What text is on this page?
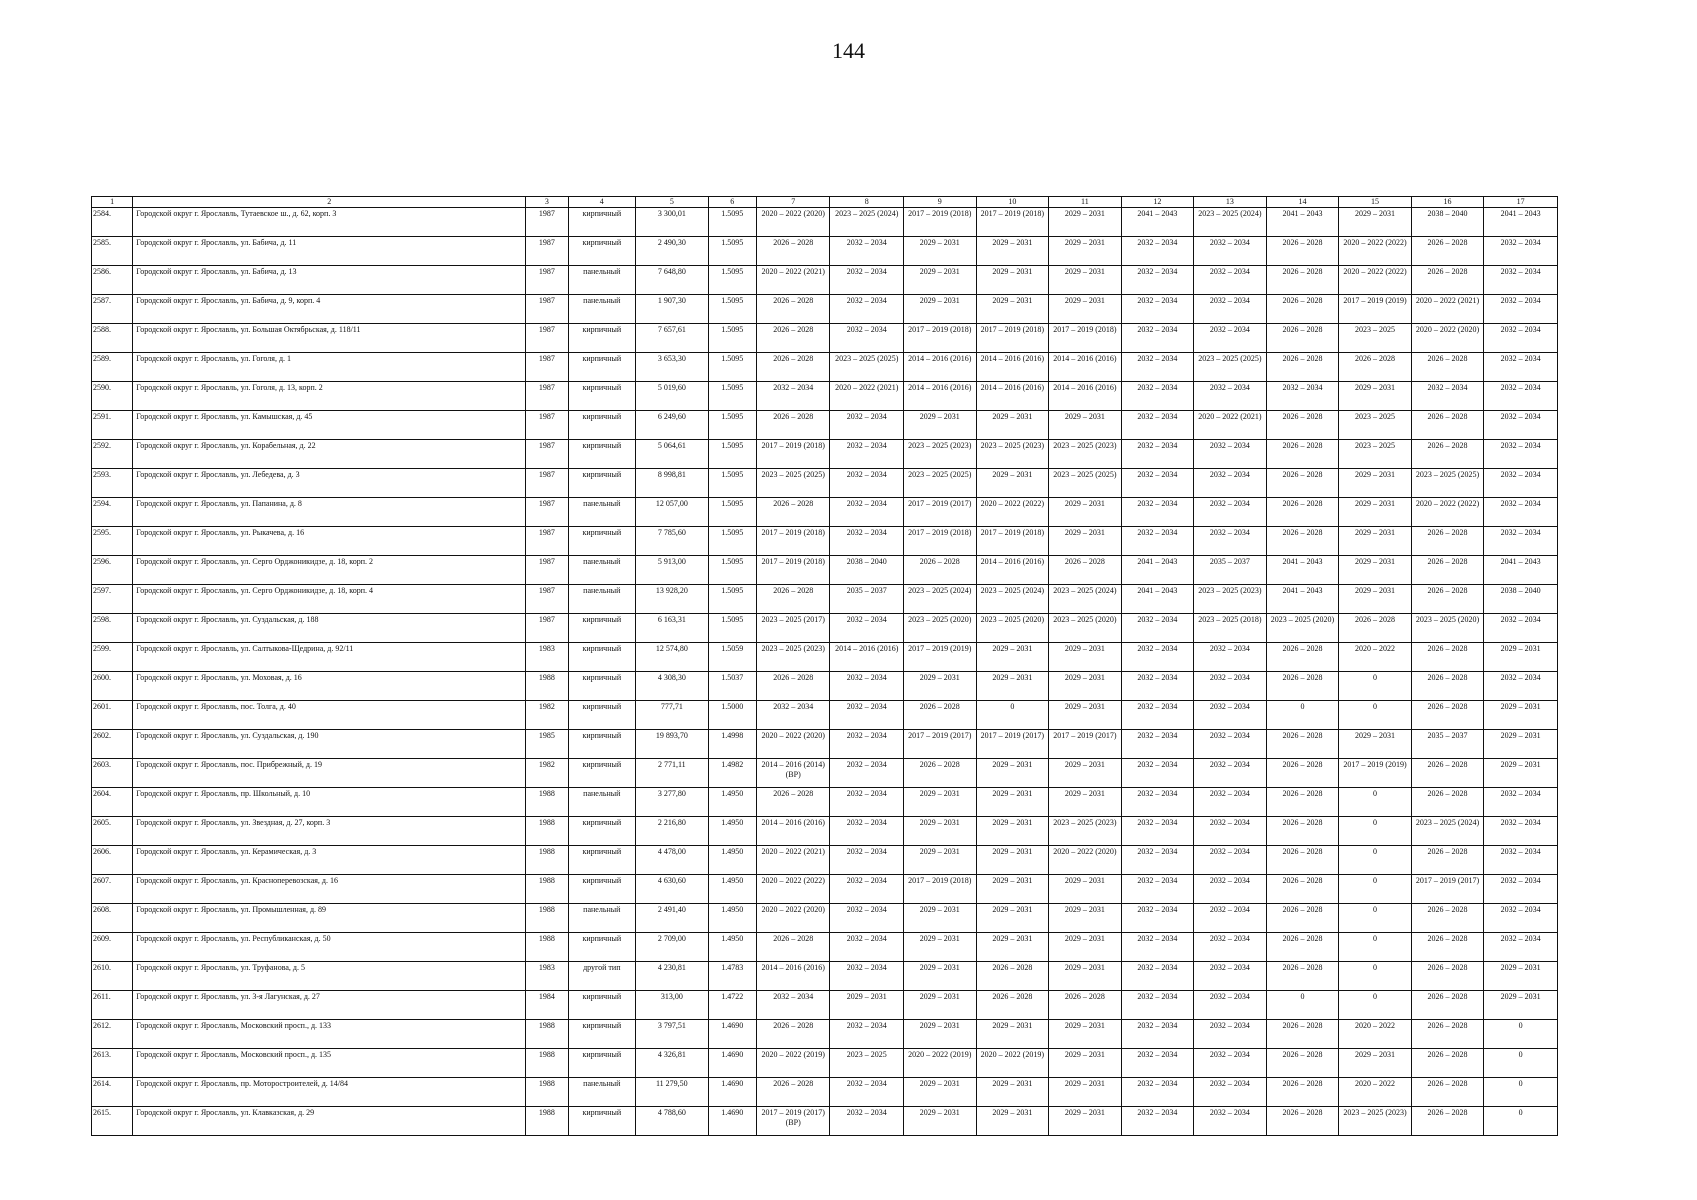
144
1	2	3	4	5	6	7	8	9	10	11	12	13	14	15	16	17
2584.	Городской округ г. Ярославль, Тутаевское ш., д. 62, корп. 3	1987	кирпичный	3 300,01	1.5095	2020 – 2022 (2020)	2023 – 2025 (2024)	2017 – 2019 (2018)	2017 – 2019 (2018)	2029 – 2031	2041 – 2043	2023 – 2025 (2024)	2041 – 2043	2029 – 2031	2038 – 2040	2041 – 2043
2585.	Городской округ г. Ярославль, ул. Бабича, д. 11	1987	кирпичный	2 490,30	1.5095	2026 – 2028	2032 – 2034	2029 – 2031	2029 – 2031	2029 – 2031	2032 – 2034	2032 – 2034	2026 – 2028	2020 – 2022 (2022)	2026 – 2028	2032 – 2034
2586.	Городской округ г. Ярославль, ул. Бабича, д. 13	1987	панельный	7 648,80	1.5095	2020 – 2022 (2021)	2032 – 2034	2029 – 2031	2029 – 2031	2029 – 2031	2032 – 2034	2032 – 2034	2026 – 2028	2020 – 2022 (2022)	2026 – 2028	2032 – 2034
2587.	Городской округ г. Ярославль, ул. Бабича, д. 9, корп. 4	1987	панельный	1 907,30	1.5095	2026 – 2028	2032 – 2034	2029 – 2031	2029 – 2031	2029 – 2031	2032 – 2034	2032 – 2034	2026 – 2028	2017 – 2019 (2019)	2020 – 2022 (2021)	2032 – 2034
2588.	Городской округ г. Ярославль, ул. Большая Октябрьская, д. 118/11	1987	кирпичный	7 657,61	1.5095	2026 – 2028	2032 – 2034	2017 – 2019 (2018)	2017 – 2019 (2018)	2017 – 2019 (2018)	2032 – 2034	2032 – 2034	2026 – 2028	2023 – 2025	2020 – 2022 (2020)	2032 – 2034
2589.	Городской округ г. Ярославль, ул. Гоголя, д. 1	1987	кирпичный	3 653,30	1.5095	2026 – 2028	2023 – 2025 (2025)	2014 – 2016 (2016)	2014 – 2016 (2016)	2014 – 2016 (2016)	2032 – 2034	2023 – 2025 (2025)	2026 – 2028	2026 – 2028	2026 – 2028	2032 – 2034
2590.	Городской округ г. Ярославль, ул. Гоголя, д. 13, корп. 2	1987	кирпичный	5 019,60	1.5095	2032 – 2034	2020 – 2022 (2021)	2014 – 2016 (2016)	2014 – 2016 (2016)	2014 – 2016 (2016)	2032 – 2034	2032 – 2034	2032 – 2034	2029 – 2031	2032 – 2034	2032 – 2034
2591.	Городской округ г. Ярославль, ул. Камышская, д. 45	1987	кирпичный	6 249,60	1.5095	2026 – 2028	2032 – 2034	2029 – 2031	2029 – 2031	2029 – 2031	2032 – 2034	2020 – 2022 (2021)	2026 – 2028	2023 – 2025	2026 – 2028	2032 – 2034
2592.	Городской округ г. Ярославль, ул. Корабельная, д. 22	1987	кирпичный	5 064,61	1.5095	2017 – 2019 (2018)	2032 – 2034	2023 – 2025 (2023)	2023 – 2025 (2023)	2023 – 2025 (2023)	2032 – 2034	2032 – 2034	2026 – 2028	2023 – 2025	2026 – 2028	2032 – 2034
2593.	Городской округ г. Ярославль, ул. Лебедева, д. 3	1987	кирпичный	8 998,81	1.5095	2023 – 2025 (2025)	2032 – 2034	2023 – 2025 (2025)	2029 – 2031	2023 – 2025 (2025)	2032 – 2034	2032 – 2034	2026 – 2028	2029 – 2031	2023 – 2025 (2025)	2032 – 2034
2594.	Городской округ г. Ярославль, ул. Папанина, д. 8	1987	панельный	12 057,00	1.5095	2026 – 2028	2032 – 2034	2017 – 2019 (2017)	2020 – 2022 (2022)	2029 – 2031	2032 – 2034	2032 – 2034	2026 – 2028	2029 – 2031	2020 – 2022 (2022)	2032 – 2034
2595.	Городской округ г. Ярославль, ул. Рыкачева, д. 16	1987	кирпичный	7 785,60	1.5095	2017 – 2019 (2018)	2032 – 2034	2017 – 2019 (2018)	2017 – 2019 (2018)	2029 – 2031	2032 – 2034	2032 – 2034	2026 – 2028	2029 – 2031	2026 – 2028	2032 – 2034
2596.	Городской округ г. Ярославль, ул. Серго Орджоникидзе, д. 18, корп. 2	1987	панельный	5 913,00	1.5095	2017 – 2019 (2018)	2038 – 2040	2026 – 2028	2014 – 2016 (2016)	2026 – 2028	2041 – 2043	2035 – 2037	2041 – 2043	2029 – 2031	2026 – 2028	2041 – 2043
2597.	Городской округ г. Ярославль, ул. Серго Орджоникидзе, д. 18, корп. 4	1987	панельный	13 928,20	1.5095	2026 – 2028	2035 – 2037	2023 – 2025 (2024)	2023 – 2025 (2024)	2023 – 2025 (2024)	2041 – 2043	2023 – 2025 (2023)	2041 – 2043	2029 – 2031	2026 – 2028	2038 – 2040
2598.	Городской округ г. Ярославль, ул. Суздальская, д. 188	1987	кирпичный	6 163,31	1.5095	2023 – 2025 (2017)	2032 – 2034	2023 – 2025 (2020)	2023 – 2025 (2020)	2023 – 2025 (2020)	2032 – 2034	2023 – 2025 (2018)	2023 – 2025 (2020)	2026 – 2028	2023 – 2025 (2020)	2032 – 2034
2599.	Городской округ г. Ярославль, ул. Салтыкова-Щедрина, д. 92/11	1983	кирпичный	12 574,80	1.5059	2023 – 2025 (2023)	2014 – 2016 (2016)	2017 – 2019 (2019)	2029 – 2031	2029 – 2031	2032 – 2034	2032 – 2034	2026 – 2028	2020 – 2022	2026 – 2028	2029 – 2031
2600.	Городской округ г. Ярославль, ул. Моховая, д. 16	1988	кирпичный	4 308,30	1.5037	2026 – 2028	2032 – 2034	2029 – 2031	2029 – 2031	2029 – 2031	2032 – 2034	2032 – 2034	2026 – 2028	0	2026 – 2028	2032 – 2034
2601.	Городской округ г. Ярославль, пос. Толга, д. 40	1982	кирпичный	777,71	1.5000	2032 – 2034	2032 – 2034	2026 – 2028	0	2029 – 2031	2032 – 2034	2032 – 2034	0	0	2026 – 2028	2029 – 2031
2602.	Городской округ г. Ярославль, ул. Суздальская, д. 190	1985	кирпичный	19 893,70	1.4998	2020 – 2022 (2020)	2032 – 2034	2017 – 2019 (2017)	2017 – 2019 (2017)	2017 – 2019 (2017)	2032 – 2034	2032 – 2034	2026 – 2028	2029 – 2031	2035 – 2037	2029 – 2031
2603.	Городской округ г. Ярославль, пос. Прибрежный, д. 19	1982	кирпичный	2 771,11	1.4982	2014 – 2016 (2014) (ВР)	2032 – 2034	2026 – 2028	2029 – 2031	2029 – 2031	2032 – 2034	2032 – 2034	2026 – 2028	2017 – 2019 (2019)	2026 – 2028	2029 – 2031
2604.	Городской округ г. Ярославль, пр. Школьный, д. 10	1988	панельный	3 277,80	1.4950	2026 – 2028	2032 – 2034	2029 – 2031	2029 – 2031	2029 – 2031	2032 – 2034	2032 – 2034	2026 – 2028	0	2026 – 2028	2032 – 2034
2605.	Городской округ г. Ярославль, ул. Звездная, д. 27, корп. 3	1988	кирпичный	2 216,80	1.4950	2014 – 2016 (2016)	2032 – 2034	2029 – 2031	2029 – 2031	2023 – 2025 (2023)	2032 – 2034	2032 – 2034	2026 – 2028	0	2023 – 2025 (2024)	2032 – 2034
2606.	Городской округ г. Ярославль, ул. Керамическая, д. 3	1988	кирпичный	4 478,00	1.4950	2020 – 2022 (2021)	2032 – 2034	2029 – 2031	2029 – 2031	2020 – 2022 (2020)	2032 – 2034	2032 – 2034	2026 – 2028	0	2026 – 2028	2032 – 2034
2607.	Городской округ г. Ярославль, ул. Красноперевозская, д. 16	1988	кирпичный	4 630,60	1.4950	2020 – 2022 (2022)	2032 – 2034	2017 – 2019 (2018)	2029 – 2031	2029 – 2031	2032 – 2034	2032 – 2034	2026 – 2028	0	2017 – 2019 (2017)	2032 – 2034
2608.	Городской округ г. Ярославль, ул. Промышленная, д. 89	1988	панельный	2 491,40	1.4950	2020 – 2022 (2020)	2032 – 2034	2029 – 2031	2029 – 2031	2029 – 2031	2032 – 2034	2032 – 2034	2026 – 2028	0	2026 – 2028	2032 – 2034
2609.	Городской округ г. Ярославль, ул. Республиканская, д. 50	1988	кирпичный	2 709,00	1.4950	2026 – 2028	2032 – 2034	2029 – 2031	2029 – 2031	2029 – 2031	2032 – 2034	2032 – 2034	2026 – 2028	0	2026 – 2028	2032 – 2034
2610.	Городской округ г. Ярославль, ул. Труфанова, д. 5	1983	другой тип	4 230,81	1.4783	2014 – 2016 (2016)	2032 – 2034	2029 – 2031	2026 – 2028	2029 – 2031	2032 – 2034	2032 – 2034	2026 – 2028	0	2026 – 2028	2029 – 2031
2611.	Городской округ г. Ярославль, ул. 3-я Лагунская, д. 27	1984	кирпичный	313,00	1.4722	2032 – 2034	2029 – 2031	2029 – 2031	2026 – 2028	2026 – 2028	2032 – 2034	2032 – 2034	0	0	2026 – 2028	2029 – 2031
2612.	Городской округ г. Ярославль, Московский просп., д. 133	1988	кирпичный	3 797,51	1.4690	2026 – 2028	2032 – 2034	2029 – 2031	2029 – 2031	2029 – 2031	2032 – 2034	2032 – 2034	2026 – 2028	2020 – 2022	2026 – 2028	0
2613.	Городской округ г. Ярославль, Московский просп., д. 135	1988	кирпичный	4 326,81	1.4690	2020 – 2022 (2019)	2023 – 2025	2020 – 2022 (2019)	2020 – 2022 (2019)	2029 – 2031	2032 – 2034	2032 – 2034	2026 – 2028	2029 – 2031	2026 – 2028	0
2614.	Городской округ г. Ярославль, пр. Моторостроителей, д. 14/84	1988	панельный	11 279,50	1.4690	2026 – 2028	2032 – 2034	2029 – 2031	2029 – 2031	2029 – 2031	2032 – 2034	2032 – 2034	2026 – 2028	2020 – 2022	2026 – 2028	0
2615.	Городской округ г. Ярославль, ул. Клавказская, д. 29	1988	кирпичный	4 788,60	1.4690	2017 – 2019 (2017) (ВР)	2032 – 2034	2029 – 2031	2029 – 2031	2029 – 2031	2032 – 2034	2032 – 2034	2026 – 2028	2023 – 2025 (2023)	2026 – 2028	0
